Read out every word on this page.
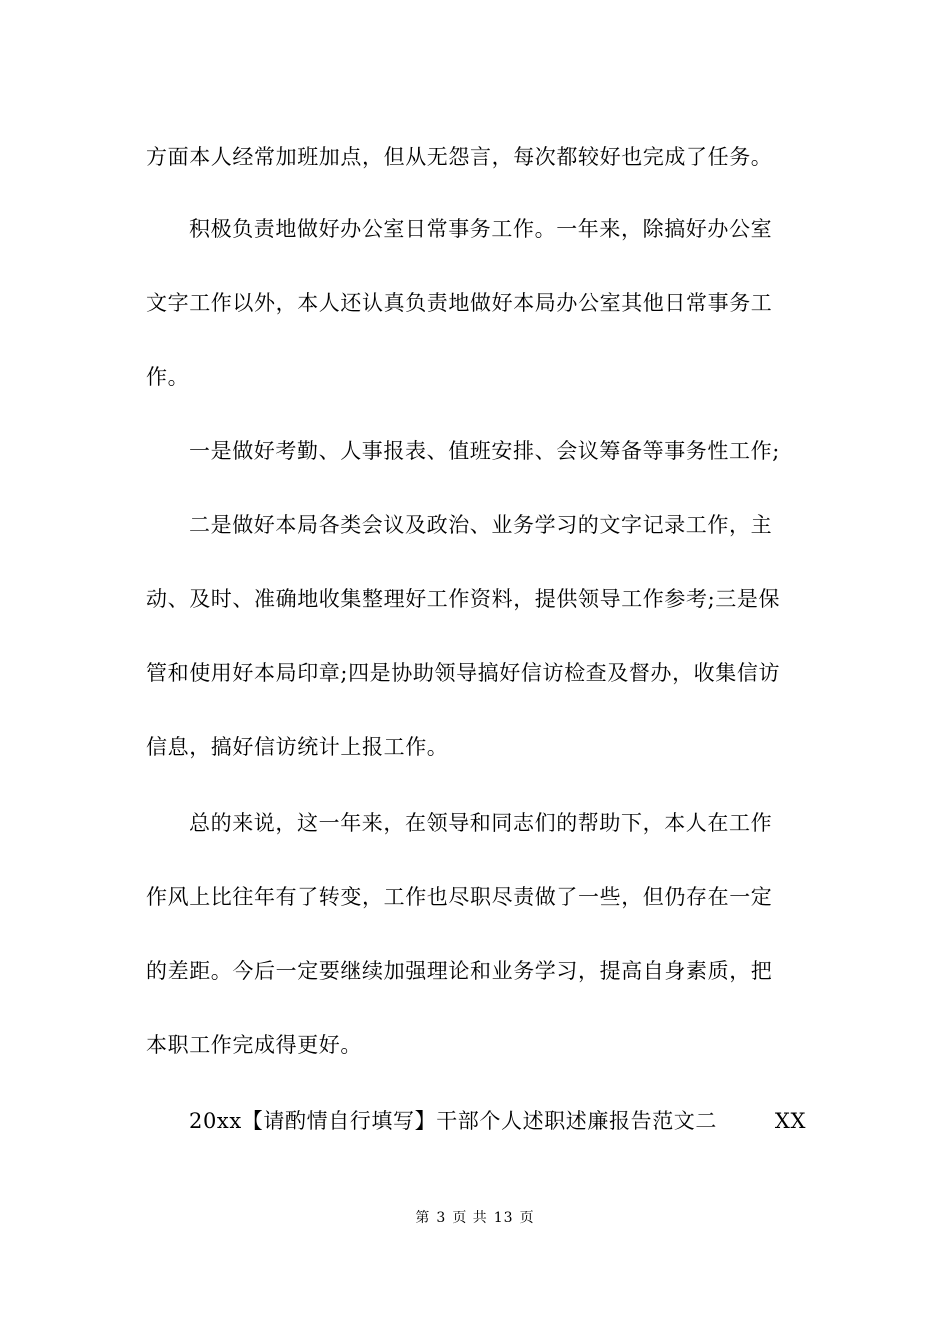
方面本人经常加班加点，但从无怨言，每次都较好也完成了任务。
积极负责地做好办公室日常事务工作。一年来，除搞好办公室
文字工作以外，本人还认真负责地做好本局办公室其他日常事务工
作。
一是做好考勤、人事报表、值班安排、会议筹备等事务性工作;
二是做好本局各类会议及政治、业务学习的文字记录工作，主
动、及时、准确地收集整理好工作资料，提供领导工作参考;三是保
管和使用好本局印章;四是协助领导搞好信访检查及督办，收集信访
信息，搞好信访统计上报工作。
总的来说，这一年来，在领导和同志们的帮助下，本人在工作
作风上比往年有了转变，工作也尽职尽责做了一些，但仍存在一定
的差距。今后一定要继续加强理论和业务学习，提高自身素质，把
本职工作完成得更好。
20xx【请酌情自行填写】干部个人述职述廉报告范文二	XX
第 3 页 共 13 页
